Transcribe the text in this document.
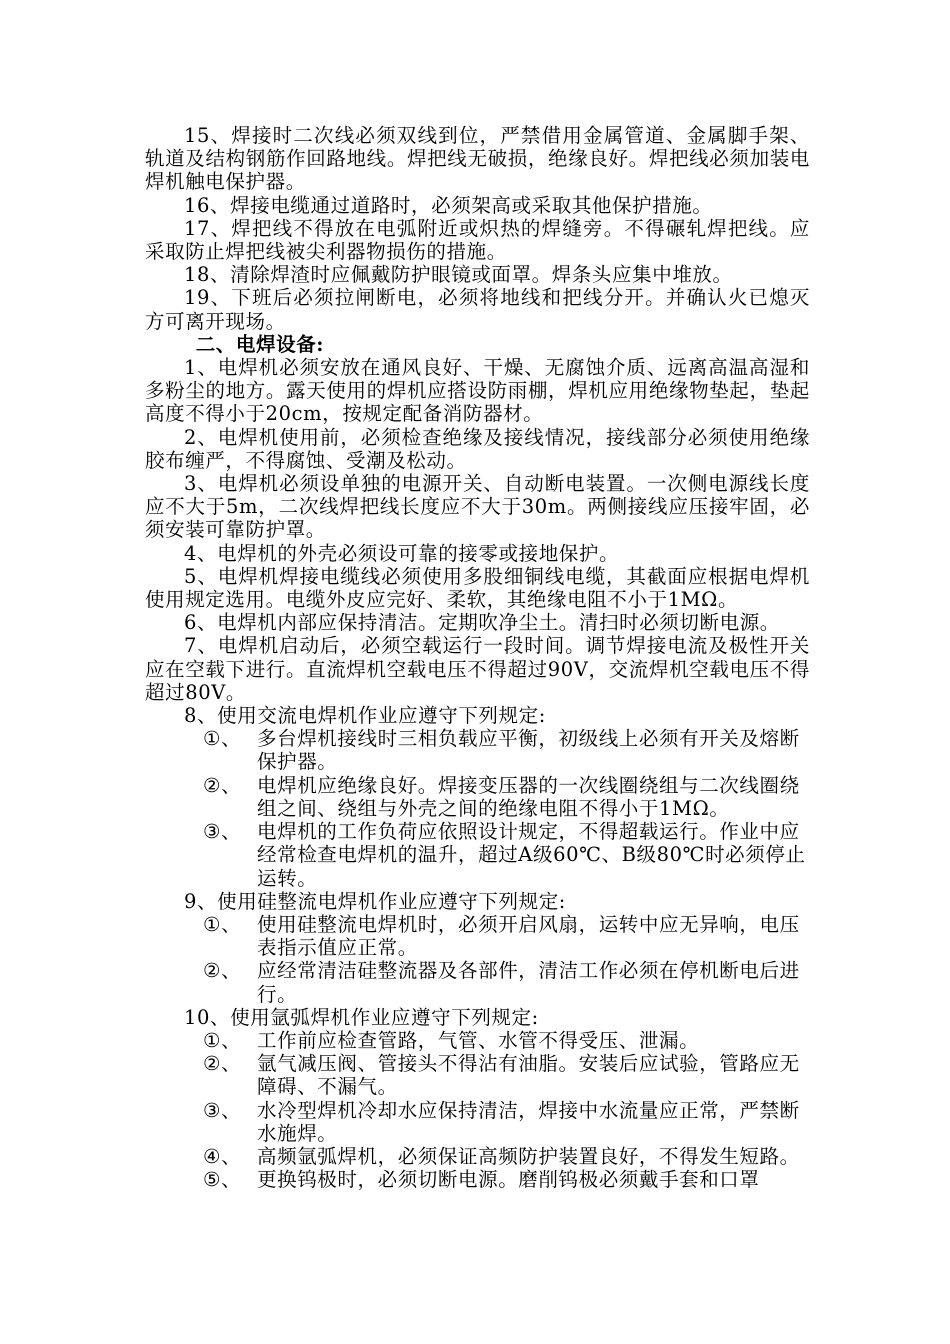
15、焊接时二次线必须双线到位，严禁借用金属管道、金属脚手架、轨道及结构钢筋作回路地线。焊把线无破损，绝缘良好。焊把线必须加装电焊机触电保护器。

16、焊接电缆通过道路时，必须架高或采取其他保护措施。

17、焊把线不得放在电弧附近或炽热的焊缝旁。不得碾轧焊把线。应采取防止焊把线被尖利器物损伤的措施。

18、清除焊渣时应佩戴防护眼镜或面罩。焊条头应集中堆放。

19、下班后必须拉闸断电，必须将地线和把线分开。并确认火已熄灭方可离开现场。

二、电焊设备:

1、电焊机必须安放在通风良好、干燥、无腐蚀介质、远离高温高湿和多粉尘的地方。露天使用的焊机应搭设防雨棚，焊机应用绝缘物垫起，垫起高度不得小于20cm，按规定配备消防器材。

2、电焊机使用前，必须检查绝缘及接线情况，接线部分必须使用绝缘胶布缠严，不得腐蚀、受潮及松动。

3、电焊机必须设单独的电源开关、自动断电装置。一次侧电源线长度应不大于5m，二次线焊把线长度应不大于30m。两侧接线应压接牢固，必须安装可靠防护罩。

4、电焊机的外壳必须设可靠的接零或接地保护。

5、电焊机焊接电缆线必须使用多股细铜线电缆，其截面应根据电焊机使用规定选用。电缆外皮应完好、柔软，其绝缘电阻不小于1MΩ。

6、电焊机内部应保持清洁。定期吹净尘土。清扫时必须切断电源。

7、电焊机启动后，必须空载运行一段时间。调节焊接电流及极性开关应在空载下进行。直流焊机空载电压不得超过90V，交流焊机空载电压不得超过80V。

8、使用交流电焊机作业应遵守下列规定:

①、 多台焊机接线时三相负载应平衡，初级线上必须有开关及熔断保护器。
②、 电焊机应绝缘良好。焊接变压器的一次线圈绕组与二次线圈绕组之间、绕组与外壳之间的绝缘电阻不得小于1MΩ。
③、 电焊机的工作负荷应依照设计规定，不得超载运行。作业中应经常检查电焊机的温升，超过A级60℃、B级80℃时必须停止运转。

9、使用硅整流电焊机作业应遵守下列规定:

①、 使用硅整流电焊机时，必须开启风扇，运转中应无异响，电压表指示值应正常。
②、 应经常清洁硅整流器及各部件，清洁工作必须在停机断电后进行。

10、使用氩弧焊机作业应遵守下列规定:

①、 工作前应检查管路，气管、水管不得受压、泄漏。
②、 氩气减压阀、管接头不得沾有油脂。安装后应试验，管路应无障碍、不漏气。
③、 水冷型焊机冷却水应保持清洁，焊接中水流量应正常，严禁断水施焊。
④、 高频氩弧焊机，必须保证高频防护装置良好，不得发生短路。
⑤、 更换钨极时，必须切断电源。磨削钨极必须戴手套和口罩
